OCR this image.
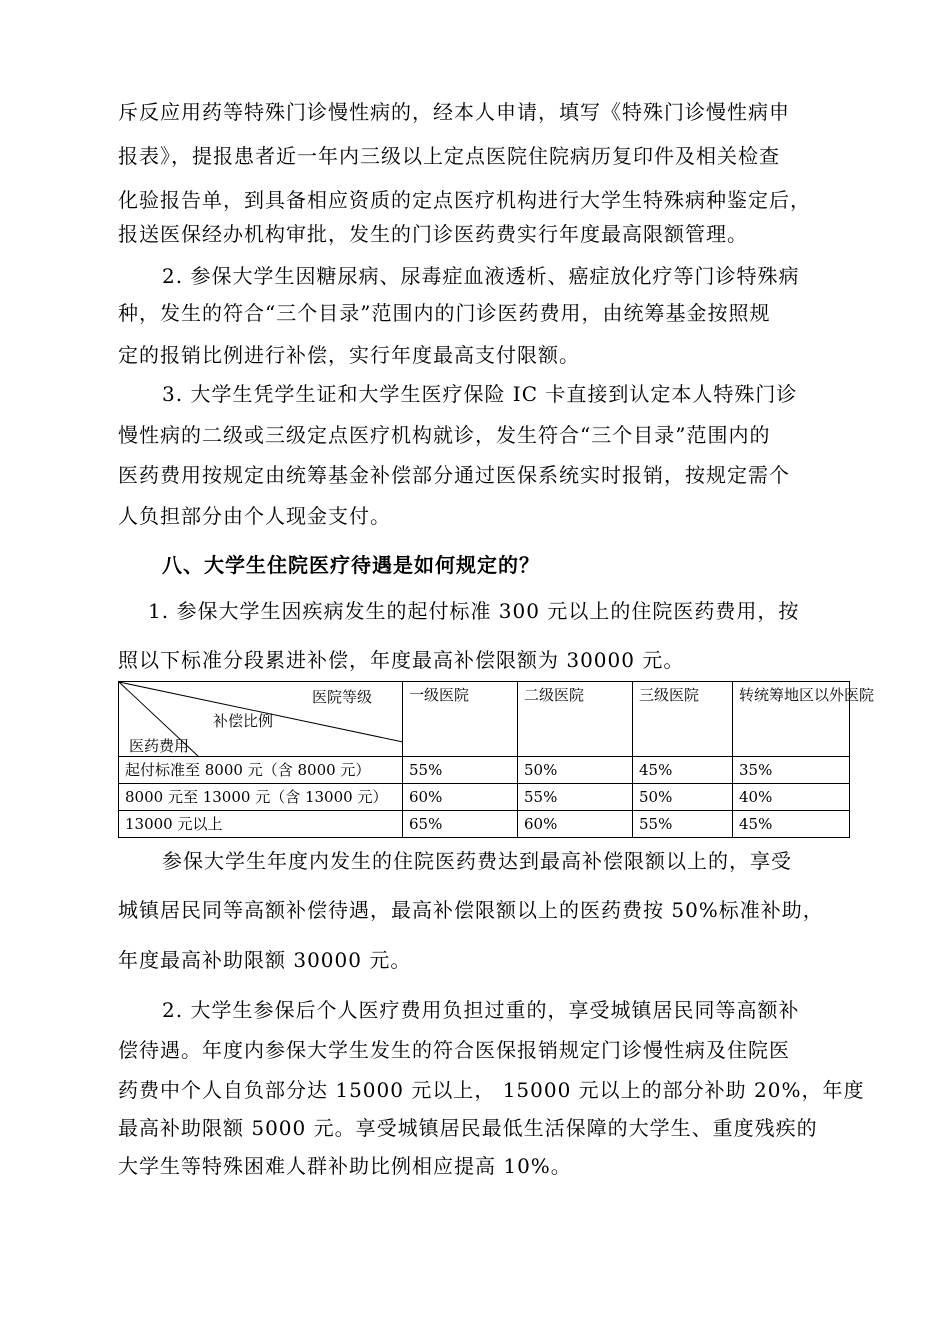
斥反应用药等特殊门诊慢性病的，经本人申请，填写《特殊门诊慢性病申
报表》，提报患者近一年内三级以上定点医院住院病历复印件及相关检查
化验报告单，到具备相应资质的定点医疗机构进行大学生特殊病种鉴定后，
报送医保经办机构审批，发生的门诊医药费实行年度最高限额管理。
2. 参保大学生因糖尿病、尿毒症血液透析、癌症放化疗等门诊特殊病
种，发生的符合“三个目录”范围内的门诊医药费用，由统筹基金按照规
定的报销比例进行补偿，实行年度最高支付限额。
3. 大学生凭学生证和大学生医疗保险 IC 卡直接到认定本人特殊门诊
慢性病的二级或三级定点医疗机构就诊，发生符合“三个目录”范围内的
医药费用按规定由统筹基金补偿部分通过医保系统实时报销，按规定需个
人负担部分由个人现金支付。
八、大学生住院医疗待遇是如何规定的？
1. 参保大学生因疾病发生的起付标准 300 元以上的住院医药费用，按
照以下标准分段累进补偿，年度最高补偿限额为 30000 元。
医院等级
补偿比例
医药费用	一级医院	二级医院	三级医院	转统筹地区以外医院
起付标准至 8000 元（含 8000 元）	55%	50%	45%	35%
8000 元至 13000 元（含 13000 元）	60%	55%	50%	40%
13000 元以上	65%	60%	55%	45%
参保大学生年度内发生的住院医药费达到最高补偿限额以上的，享受
城镇居民同等高额补偿待遇，最高补偿限额以上的医药费按 50%标准补助，
年度最高补助限额 30000 元。
2. 大学生参保后个人医疗费用负担过重的，享受城镇居民同等高额补
偿待遇。年度内参保大学生发生的符合医保报销规定门诊慢性病及住院医
药费中个人自负部分达 15000 元以上， 15000 元以上的部分补助 20%，年度
最高补助限额 5000 元。享受城镇居民最低生活保障的大学生、重度残疾的
大学生等特殊困难人群补助比例相应提高 10%。
